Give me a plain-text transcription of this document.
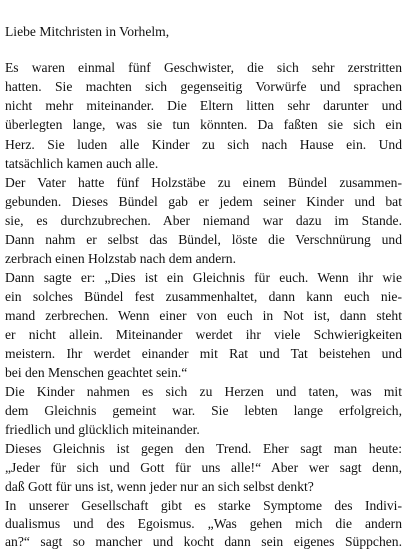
Liebe Mitchristen in Vorhelm,
Es waren einmal fünf Geschwister, die sich sehr zerstritten
hatten. Sie machten sich gegenseitig Vorwürfe und sprachen
nicht mehr miteinander. Die Eltern litten sehr darunter und
überlegten lange, was sie tun könnten. Da faßten sie sich ein
Herz. Sie luden alle Kinder zu sich nach Hause ein. Und
tatsächlich kamen auch alle.
Der Vater hatte fünf Holzstäbe zu einem Bündel zusammen-
gebunden. Dieses Bündel gab er jedem seiner Kinder und bat
sie, es durchzubrechen. Aber niemand war dazu im Stande.
Dann nahm er selbst das Bündel, löste die Verschnürung und
zerbrach einen Holzstab nach dem andern.
Dann sagte er: „Dies ist ein Gleichnis für euch. Wenn ihr wie
ein solches Bündel fest zusammenhaltet, dann kann euch nie-
mand zerbrechen. Wenn einer von euch in Not ist, dann steht
er nicht allein. Miteinander werdet ihr viele Schwierigkeiten
meistern. Ihr werdet einander mit Rat und Tat beistehen und
bei den Menschen geachtet sein.“
Die Kinder nahmen es sich zu Herzen und taten, was mit
dem Gleichnis gemeint war. Sie lebten lange erfolgreich,
friedlich und glücklich miteinander.
Dieses Gleichnis ist gegen den Trend. Eher sagt man heute:
„Jeder für sich und Gott für uns alle!“ Aber wer sagt denn,
daß Gott für uns ist, wenn jeder nur an sich selbst denkt?
In unserer Gesellschaft gibt es starke Symptome des Indivi-
dualismus und des Egoismus. „Was gehen mich die andern
an?“ sagt so mancher und kocht dann sein eigenes Süppchen.
